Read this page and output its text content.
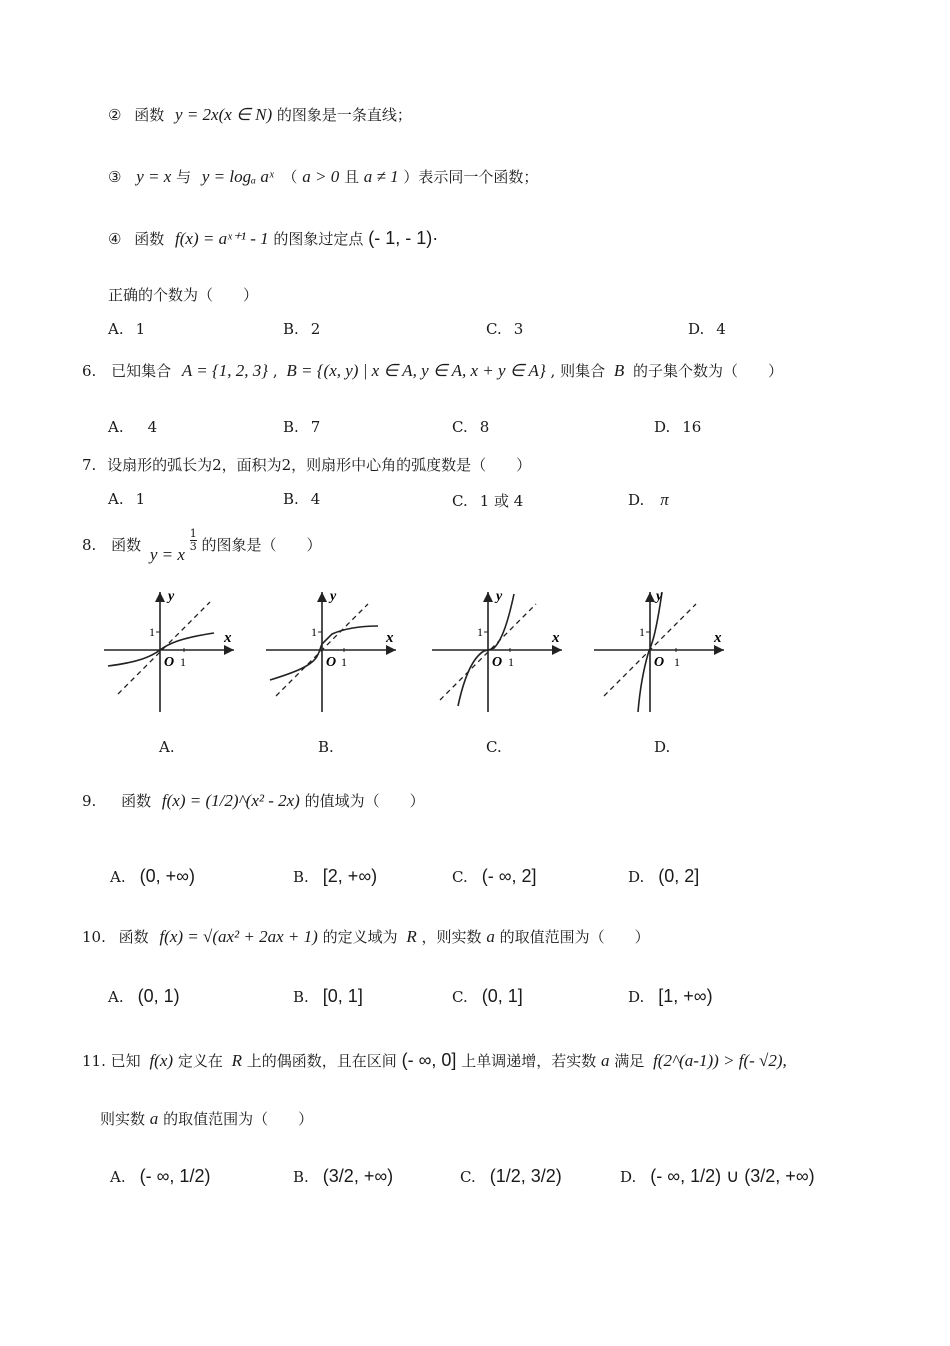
② 函数 y = 2x(x ∈ N) 的图象是一条直线；
③ y = x 与 y = logₐ aˣ （ a > 0 且 a ≠ 1 ）表示同一个函数；
④ 函数 f(x) = aˣ⁺¹ - 1 的图象过定点 (- 1, - 1)·
正确的个数为（　　）
A. 1	B. 2	C. 3	D. 4
6. 已知集合 A = {1, 2, 3} , B = {(x, y) | x ∈ A, y ∈ A, x + y ∈ A} , 则集合 B 的子集个数为（　　）
A. 4	B. 7	C. 8	D. 16
7. 设扇形的弧长为2，面积为2，则扇形中心角的弧度数是（　　）
A. 1	B. 4	C. 1 或 4	D. π
8. 函数 y = x
$\frac{1}{3}$ 的图象是（　　）
y
x
O 1
1
y
x
O 1
1
y
x
O 1
1
y
x
O 1
1
A.	B.	C.	D.
9. 函数 f(x) = (1/2)^(x² - 2x) 的值域为（　　）
A. (0, +∞)	B. [2, +∞)	C. (- ∞, 2]	D. (0, 2]
10. 函数 f(x) = √(ax² + 2ax + 1) 的定义域为 R ，则实数 a 的取值范围为（　　）
A. (0, 1)	B. [0, 1]	C. (0, 1]	D. [1, +∞)
11. 已知 f(x) 定义在 R 上的偶函数，且在区间 (- ∞, 0] 上单调递增，若实数 a 满足 f(2^(a-1)) > f(- √2),
则实数 a 的取值范围为（　　）
A. (- ∞, 1/2)	B. (3/2, +∞)	C. (1/2, 3/2)	D. (- ∞, 1/2) ∪ (3/2, +∞)
